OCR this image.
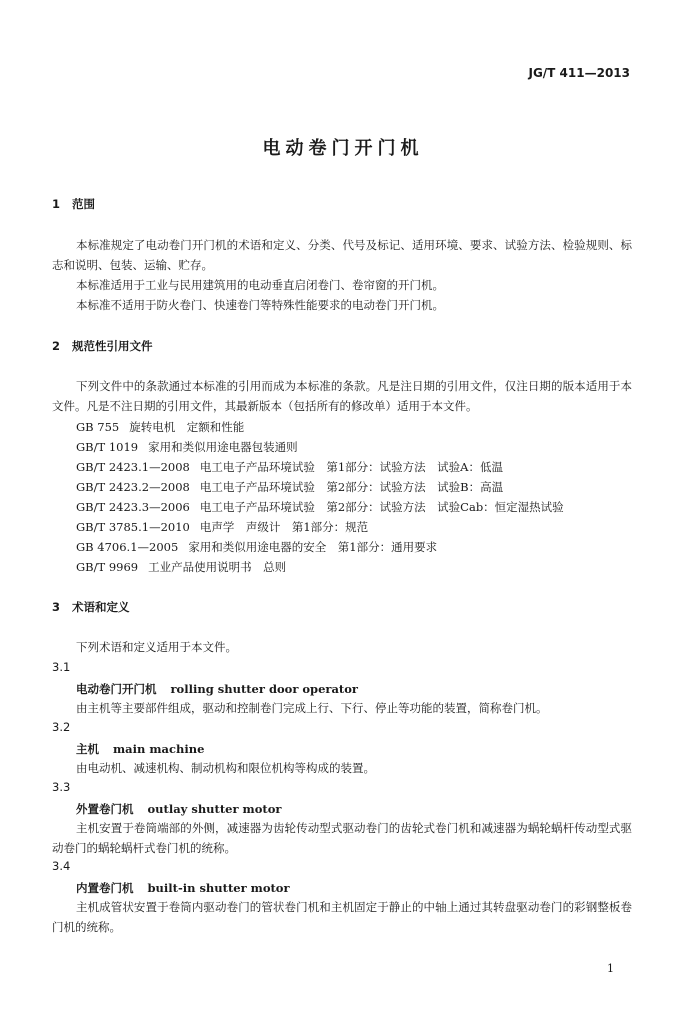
JG/T 411—2013
电动卷门开门机
1 范围
本标准规定了电动卷门开门机的术语和定义、分类、代号及标记、适用环境、要求、试验方法、检验规则、标志和说明、包装、运输、贮存。
本标准适用于工业与民用建筑用的电动垂直启闭卷门、卷帘窗的开门机。
本标准不适用于防火卷门、快速卷门等特殊性能要求的电动卷门开门机。
2 规范性引用文件
下列文件中的条款通过本标准的引用而成为本标准的条款。凡是注日期的引用文件，仅注日期的版本适用于本文件。凡是不注日期的引用文件，其最新版本（包括所有的修改单）适用于本文件。
GB 755 旋转电机　定额和性能
GB/T 1019 家用和类似用途电器包装通则
GB/T 2423.1—2008 电工电子产品环境试验　第1部分：试验方法　试验A：低温
GB/T 2423.2—2008 电工电子产品环境试验　第2部分：试验方法　试验B：高温
GB/T 2423.3—2006 电工电子产品环境试验　第2部分：试验方法　试验Cab：恒定湿热试验
GB/T 3785.1—2010 电声学　声级计　第1部分：规范
GB 4706.1—2005 家用和类似用途电器的安全　第1部分：通用要求
GB/T 9969 工业产品使用说明书　总则
3 术语和定义
下列术语和定义适用于本文件。
3.1
电动卷门开门机 rolling shutter door operator
由主机等主要部件组成，驱动和控制卷门完成上行、下行、停止等功能的装置，简称卷门机。
3.2
主机 main machine
由电动机、减速机构、制动机构和限位机构等构成的装置。
3.3
外置卷门机 outlay shutter motor
主机安置于卷筒端部的外侧，减速器为齿轮传动型式驱动卷门的齿轮式卷门机和减速器为蜗轮蜗杆传动型式驱动卷门的蜗轮蜗杆式卷门机的统称。
3.4
内置卷门机 built-in shutter motor
主机成管状安置于卷筒内驱动卷门的管状卷门机和主机固定于静止的中轴上通过其转盘驱动卷门的彩钢整板卷门机的统称。
1
